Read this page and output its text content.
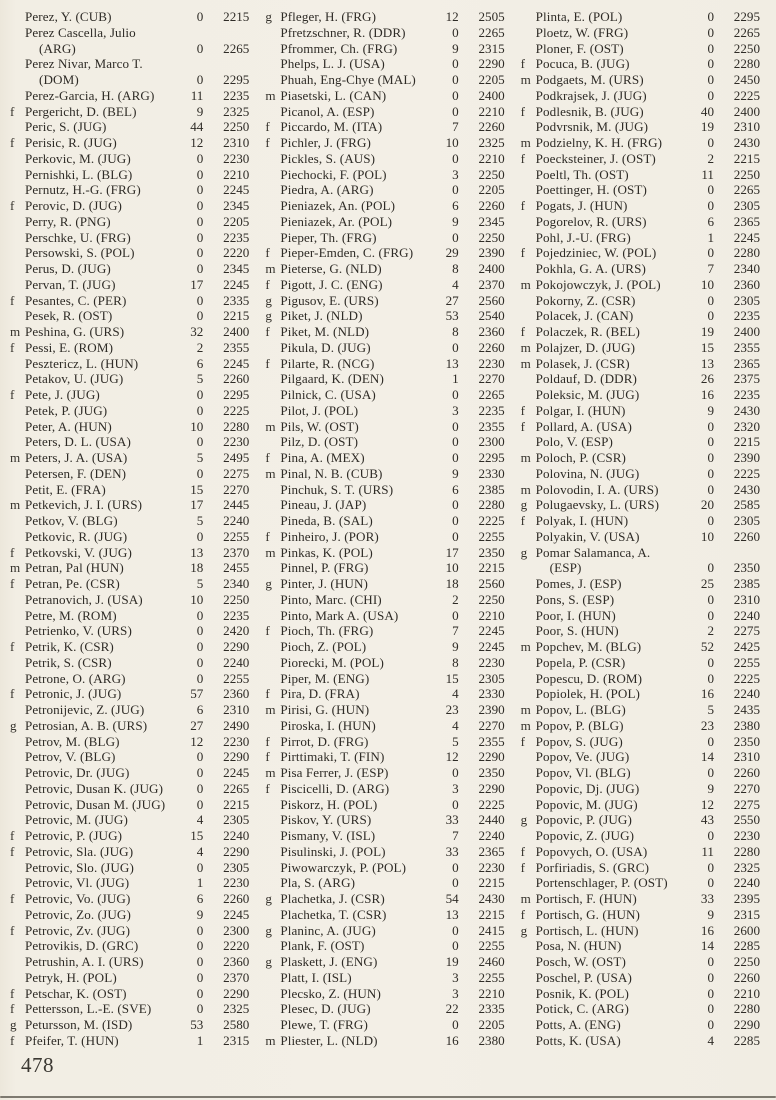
Perez, Y. (CUB)	0	2215
Perez Cascella, Julio
(ARG)	0	2265
Perez Nivar, Marco T.
(DOM)	0	2295
Perez-Garcia, H. (ARG)	11	2235
f Pergericht, D. (BEL)	9	2325
Peric, S. (JUG)	44	2250
f Perisic, R. (JUG)	12	2310
Perkovic, M. (JUG)	0	2230
Pernishki, L. (BLG)	0	2210
Pernutz, H.-G. (FRG)	0	2245
f Perovic, D. (JUG)	0	2345
Perry, R. (PNG)	0	2205
Perschke, U. (FRG)	0	2235
Persowski, S. (POL)	0	2220
Perus, D. (JUG)	0	2345
Pervan, T. (JUG)	17	2245
f Pesantes, C. (PER)	0	2335
Pesek, R. (OST)	0	2215
m Peshina, G. (URS)	32	2400
f Pessi, E. (ROM)	2	2355
Pesztericz, L. (HUN)	6	2245
Petakov, U. (JUG)	5	2260
f Pete, J. (JUG)	0	2295
Petek, P. (JUG)	0	2225
Peter, A. (HUN)	10	2280
Peters, D. L. (USA)	0	2230
m Peters, J. A. (USA)	5	2495
Petersen, F. (DEN)	0	2275
Petit, E. (FRA)	15	2270
m Petkevich, J. I. (URS)	17	2445
Petkov, V. (BLG)	5	2240
Petkovic, R. (JUG)	0	2255
f Petkovski, V. (JUG)	13	2370
m Petran, Pal (HUN)	18	2455
f Petran, Pe. (CSR)	5	2340
Petranovich, J. (USA)	10	2250
Petre, M. (ROM)	0	2235
Petrienko, V. (URS)	0	2420
f Petrik, K. (CSR)	0	2290
Petrik, S. (CSR)	0	2240
Petrone, O. (ARG)	0	2255
f Petronic, J. (JUG)	57	2360
Petronijevic, Z. (JUG)	6	2310
g Petrosian, A. B. (URS)	27	2490
Petrov, M. (BLG)	12	2230
Petrov, V. (BLG)	0	2290
Petrovic, Dr. (JUG)	0	2245
Petrovic, Dusan K. (JUG)	0	2265
Petrovic, Dusan M. (JUG)	0	2215
Petrovic, M. (JUG)	4	2305
f Petrovic, P. (JUG)	15	2240
f Petrovic, Sla. (JUG)	4	2290
Petrovic, Slo. (JUG)	0	2305
Petrovic, Vl. (JUG)	1	2230
f Petrovic, Vo. (JUG)	6	2260
Petrovic, Zo. (JUG)	9	2245
f Petrovic, Zv. (JUG)	0	2300
Petrovikis, D. (GRC)	0	2220
Petrushin, A. I. (URS)	0	2360
Petryk, H. (POL)	0	2370
f Petschar, K. (OST)	0	2290
f Pettersson, L.-E. (SVE)	0	2325
g Petursson, M. (ISD)	53	2580
f Pfeifer, T. (HUN)	1	2315
g Pfleger, H. (FRG)	12	2505
Pfretzschner, R. (DDR)	0	2265
Pfrommer, Ch. (FRG)	9	2315
Phelps, L. J. (USA)	0	2290
Phuah, Eng-Chye (MAL)	0	2205
m Piasetski, L. (CAN)	0	2400
Picanol, A. (ESP)	0	2210
f Piccardo, M. (ITA)	7	2260
f Pichler, J. (FRG)	10	2325
Pickles, S. (AUS)	0	2210
Piechocki, F. (POL)	3	2250
Piedra, A. (ARG)	0	2205
Pieniazek, An. (POL)	6	2260
Pieniazek, Ar. (POL)	9	2345
Pieper, Th. (FRG)	0	2250
f Pieper-Emden, C. (FRG)	29	2390
m Pieterse, G. (NLD)	8	2400
f Pigott, J. C. (ENG)	4	2370
g Pigusov, E. (URS)	27	2560
g Piket, J. (NLD)	53	2540
f Piket, M. (NLD)	8	2360
Pikula, D. (JUG)	0	2260
f Pilarte, R. (NCG)	13	2230
Pilgaard, K. (DEN)	1	2270
Pilnick, C. (USA)	0	2265
Pilot, J. (POL)	3	2235
m Pils, W. (OST)	0	2355
Pilz, D. (OST)	0	2300
f Pina, A. (MEX)	0	2295
m Pinal, N. B. (CUB)	9	2330
Pinchuk, S. T. (URS)	6	2385
Pineau, J. (JAP)	0	2280
Pineda, B. (SAL)	0	2225
f Pinheiro, J. (POR)	0	2255
m Pinkas, K. (POL)	17	2350
Pinnel, P. (FRG)	10	2215
g Pinter, J. (HUN)	18	2560
Pinto, Marc. (CHI)	2	2250
Pinto, Mark A. (USA)	0	2210
f Pioch, Th. (FRG)	7	2245
Pioch, Z. (POL)	9	2245
Piorecki, M. (POL)	8	2230
Piper, M. (ENG)	15	2305
f Pira, D. (FRA)	4	2330
m Pirisi, G. (HUN)	23	2390
Piroska, I. (HUN)	4	2270
f Pirrot, D. (FRG)	5	2355
f Pirttimaki, T. (FIN)	12	2290
m Pisa Ferrer, J. (ESP)	0	2350
f Piscicelli, D. (ARG)	3	2290
Piskorz, H. (POL)	0	2225
Piskov, Y. (URS)	33	2440
Pismany, V. (ISL)	7	2240
Pisulinski, J. (POL)	33	2365
Piwowarczyk, P. (POL)	0	2230
Pla, S. (ARG)	0	2215
g Plachetka, J. (CSR)	54	2430
Plachetka, T. (CSR)	13	2215
g Planinc, A. (JUG)	0	2415
Plank, F. (OST)	0	2255
g Plaskett, J. (ENG)	19	2460
Platt, I. (ISL)	3	2255
Plecsko, Z. (HUN)	3	2210
Plesec, D. (JUG)	22	2335
Plewe, T. (FRG)	0	2205
m Pliester, L. (NLD)	16	2380
Plinta, E. (POL)	0	2295
Ploetz, W. (FRG)	0	2265
Ploner, F. (OST)	0	2250
f Pocuca, B. (JUG)	0	2280
m Podgaets, M. (URS)	0	2450
Podkrajsek, J. (JUG)	0	2225
f Podlesnik, B. (JUG)	40	2400
Podvrsnik, M. (JUG)	19	2310
m Podzielny, K. H. (FRG)	0	2430
f Poecksteiner, J. (OST)	2	2215
Poeltl, Th. (OST)	11	2250
Poettinger, H. (OST)	0	2265
f Pogats, J. (HUN)	0	2305
Pogorelov, R. (URS)	6	2365
Pohl, J.-U. (FRG)	1	2245
f Pojedziniec, W. (POL)	0	2280
Pokhla, G. A. (URS)	7	2340
m Pokojowczyk, J. (POL)	10	2360
Pokorny, Z. (CSR)	0	2305
Polacek, J. (CAN)	0	2235
f Polaczek, R. (BEL)	19	2400
m Polajzer, D. (JUG)	15	2355
m Polasek, J. (CSR)	13	2365
Poldauf, D. (DDR)	26	2375
Poleksic, M. (JUG)	16	2235
f Polgar, I. (HUN)	9	2430
f Pollard, A. (USA)	0	2320
Polo, V. (ESP)	0	2215
m Poloch, P. (CSR)	0	2390
Polovina, N. (JUG)	0	2225
m Polovodin, I. A. (URS)	0	2430
g Polugaevsky, L. (URS)	20	2585
f Polyak, I. (HUN)	0	2305
Polyakin, V. (USA)	10	2260
g Pomar Salamanca, A.
(ESP)	0	2350
Pomes, J. (ESP)	25	2385
Pons, S. (ESP)	0	2310
Poor, I. (HUN)	0	2240
Poor, S. (HUN)	2	2275
m Popchev, M. (BLG)	52	2425
Popela, P. (CSR)	0	2255
Popescu, D. (ROM)	0	2225
Popiolek, H. (POL)	16	2240
m Popov, L. (BLG)	5	2435
m Popov, P. (BLG)	23	2380
f Popov, S. (JUG)	0	2350
Popov, Ve. (JUG)	14	2310
Popov, Vl. (BLG)	0	2260
Popovic, Dj. (JUG)	9	2270
Popovic, M. (JUG)	12	2275
g Popovic, P. (JUG)	43	2550
Popovic, Z. (JUG)	0	2230
f Popovych, O. (USA)	11	2280
f Porfiriadis, S. (GRC)	0	2325
Portenschlager, P. (OST)	0	2240
m Portisch, F. (HUN)	33	2395
f Portisch, G. (HUN)	9	2315
g Portisch, L. (HUN)	16	2600
Posa, N. (HUN)	14	2285
Posch, W. (OST)	0	2250
Poschel, P. (USA)	0	2260
Posnik, K. (POL)	0	2210
Potick, C. (ARG)	0	2280
Potts, A. (ENG)	0	2290
Potts, K. (USA)	4	2285
478
